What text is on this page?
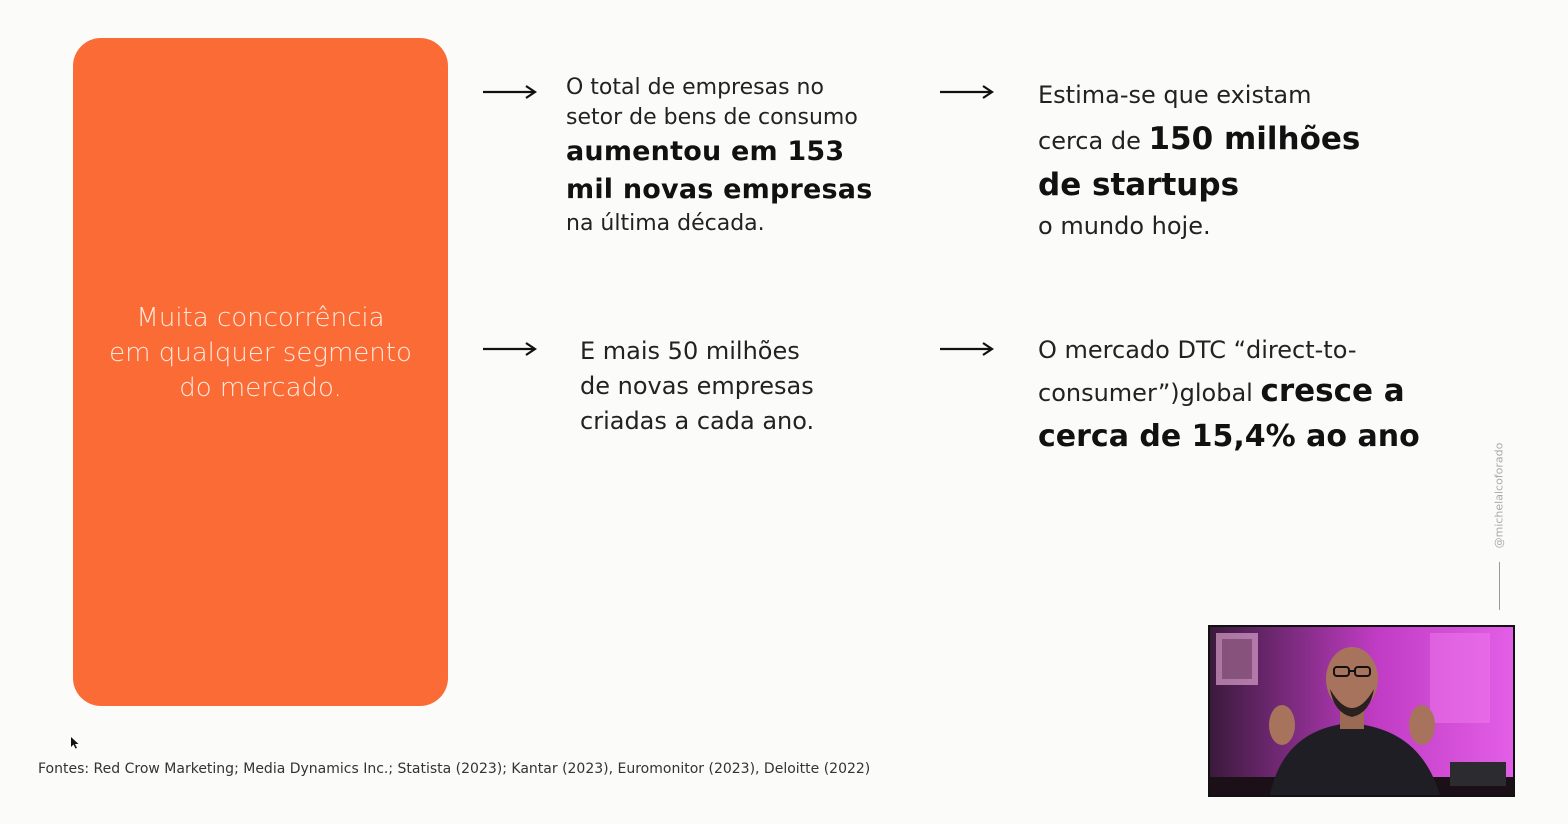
Muita concorrência
em qualquer segmento
do mercado.
O total de empresas no
setor de bens de consumo
aumentou em 153
mil novas empresas
na última década.
Estima-se que existam
cerca de 150 milhões
de startups
o mundo hoje.
E mais 50 milhões
de novas empresas
criadas a cada ano.
O mercado DTC “direct-to-
consumer”)global cresce a
cerca de 15,4% ao ano
@michelalcoforado
Fontes: Red Crow Marketing; Media Dynamics Inc.; Statista (2023); Kantar (2023), Euromonitor (2023), Deloitte (2022)
